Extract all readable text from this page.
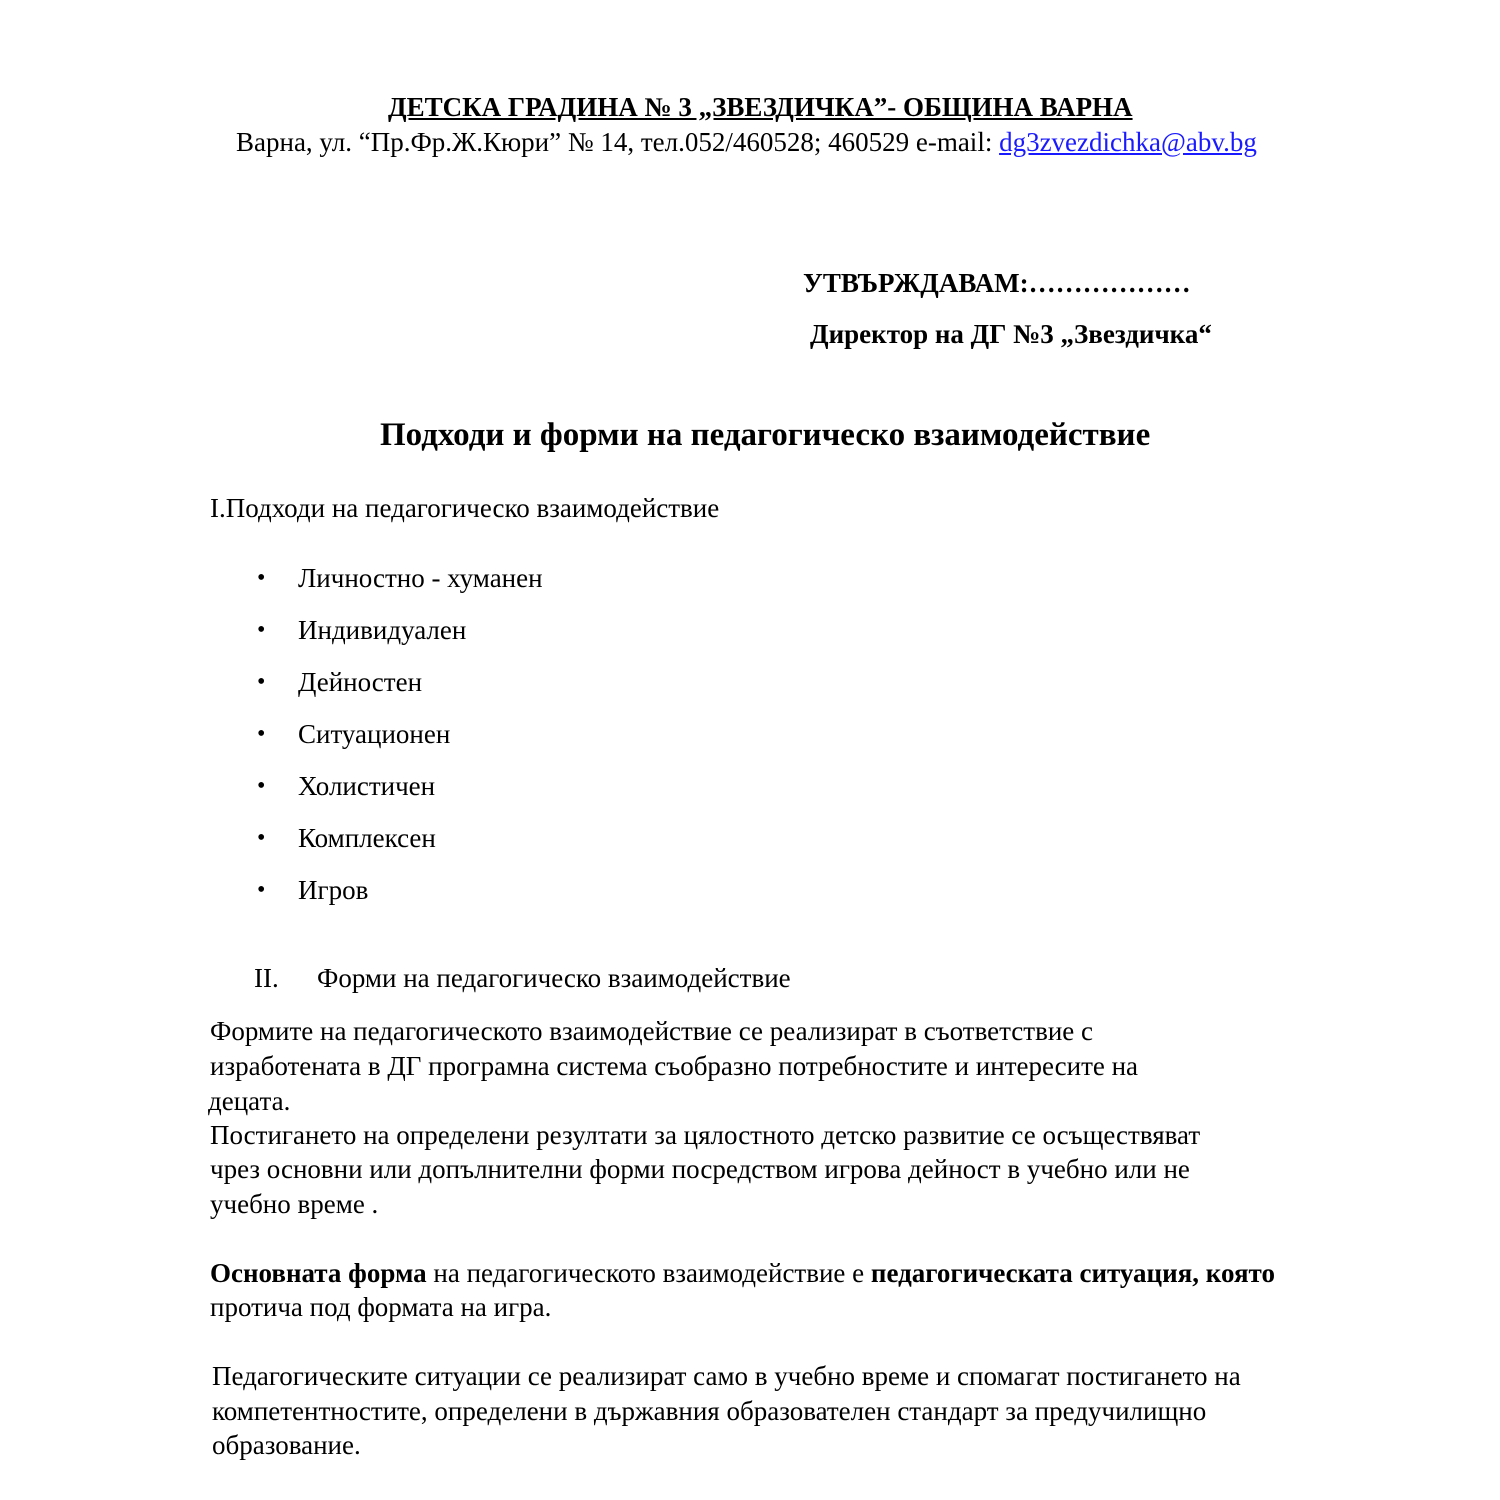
ДЕТСКА ГРАДИНА № 3 „ЗВЕЗДИЧКА”- ОБЩИНА ВАРНА
Варна, ул. “Пр.Фр.Ж.Кюри” № 14, тел.052/460528; 460529 e-mail: dg3zvezdichka@abv.bg
УТВЪРЖДАВАМ:………………
Директор на ДГ №3 „Звездичка“
Подходи и форми на педагогическо взаимодействие
I.Подходи на педагогическо взаимодействие
• Личностно - хуманен
• Индивидуален
• Дейностен
• Ситуационен
• Холистичен
• Комплексен
• Игров
II. Форми на педагогическо взаимодействие
Формите на педагогическото взаимодействие се реализират в съответствие с
изработената в ДГ програмна система съобразно потребностите и интересите на
децата.
Постигането на определени резултати за цялостното детско развитие се осъществяват
чрез основни или допълнителни форми посредством игрова дейност в учебно или не
учебно време .
Основната форма на педагогическото взаимодействие е педагогическата ситуация, която
протича под формата на игра.
Педагогическите ситуации се реализират само в учебно време и спомагат постигането на
компетентностите, определени в държавния образователен стандарт за предучилищно
образование.
